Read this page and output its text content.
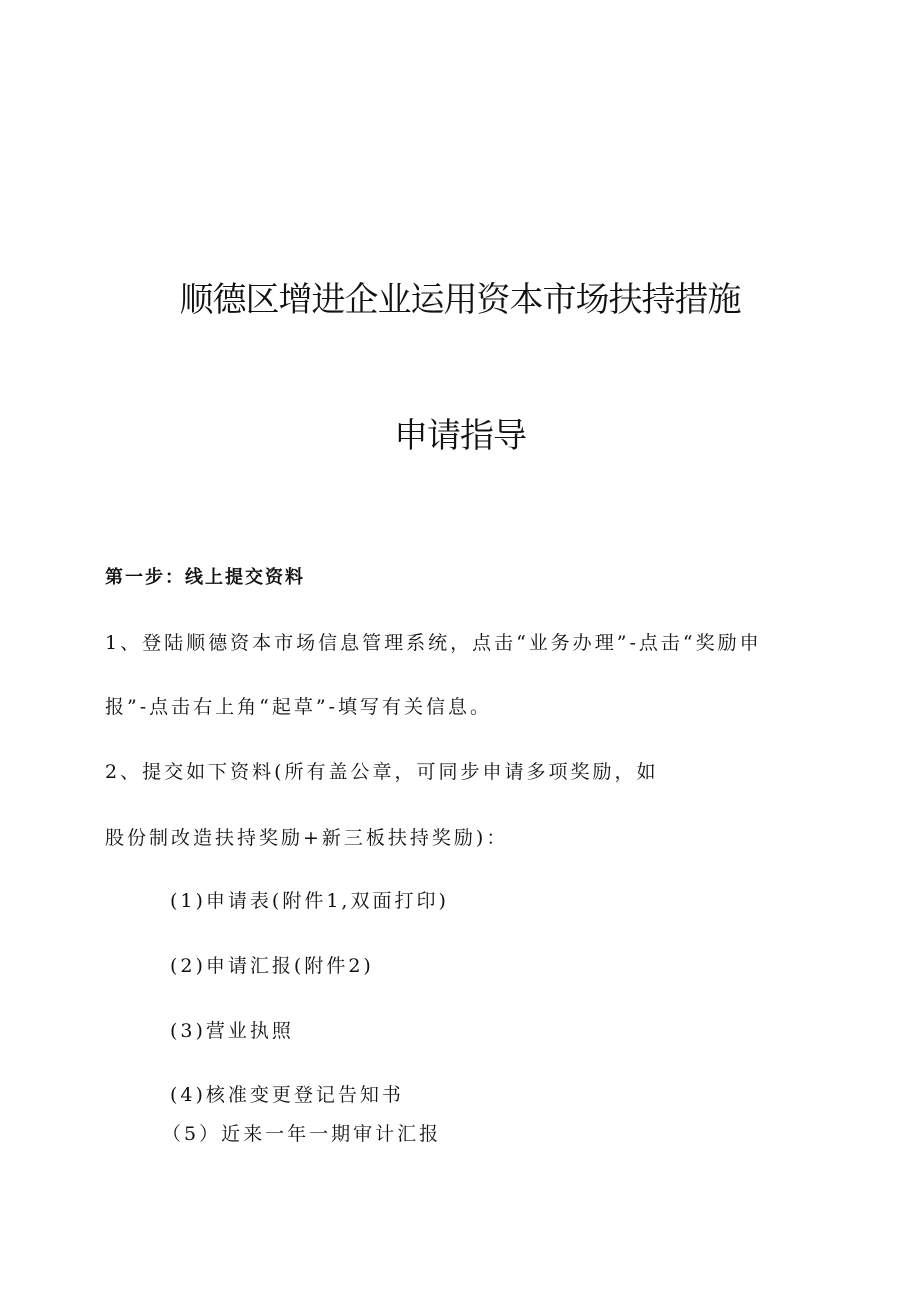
顺德区增进企业运用资本市场扶持措施
申请指导

第一步：线上提交资料

1、登陆顺德资本市场信息管理系统，点击“业务办理”-点击“奖励申

报”-点击右上角“起草”-填写有关信息。

2、提交如下资料(所有盖公章，可同步申请多项奖励，如

股份制改造扶持奖励+新三板扶持奖励)：

(1)申请表(附件1,双面打印)

(2)申请汇报(附件2)

(3)营业执照

(4)核准变更登记告知书

（5）近来一年一期审计汇报
